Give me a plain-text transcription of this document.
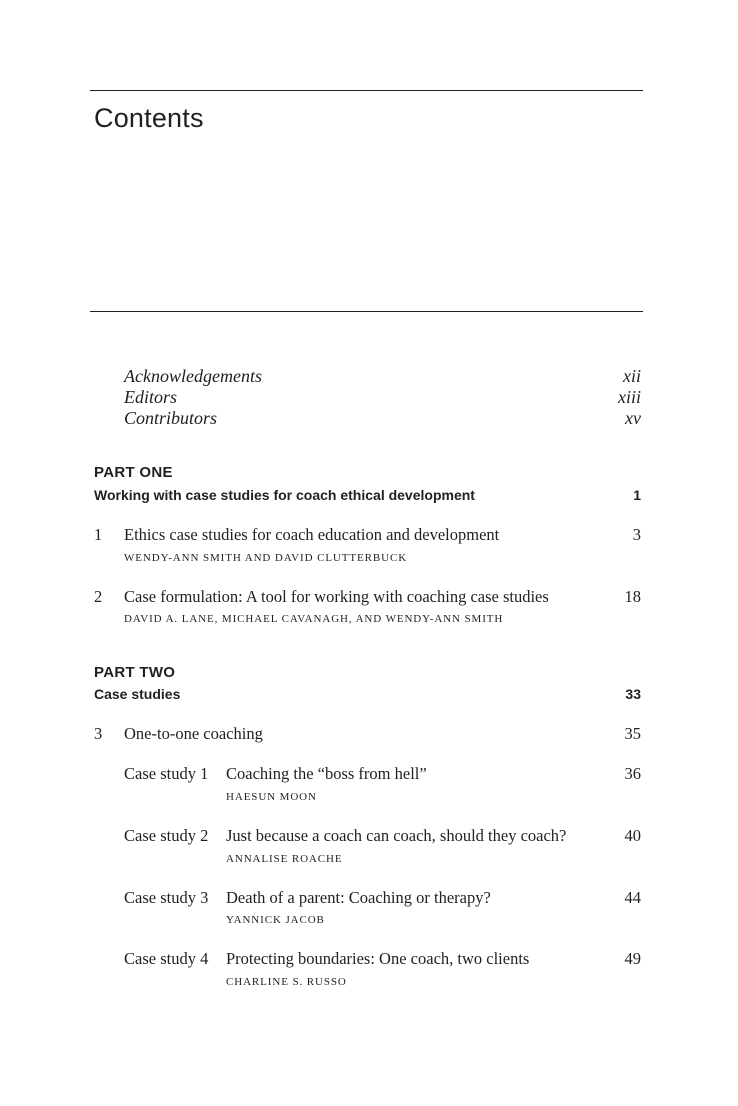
Contents
Acknowledgements	xii
Editors	xiii
Contributors	xv
PART ONE
Working with case studies for coach ethical development	1
1 Ethics case studies for coach education and development	3
WENDY-ANN SMITH AND DAVID CLUTTERBUCK
2 Case formulation: A tool for working with coaching case studies	18
DAVID A. LANE, MICHAEL CAVANAGH, AND WENDY-ANN SMITH
PART TWO
Case studies	33
3 One-to-one coaching	35
Case study 1 Coaching the “boss from hell”	36
HAESUN MOON
Case study 2 Just because a coach can coach, should they coach?	40
ANNALISE ROACHE
Case study 3 Death of a parent: Coaching or therapy?	44
YANNICK JACOB
Case study 4 Protecting boundaries: One coach, two clients	49
CHARLINE S. RUSSO
